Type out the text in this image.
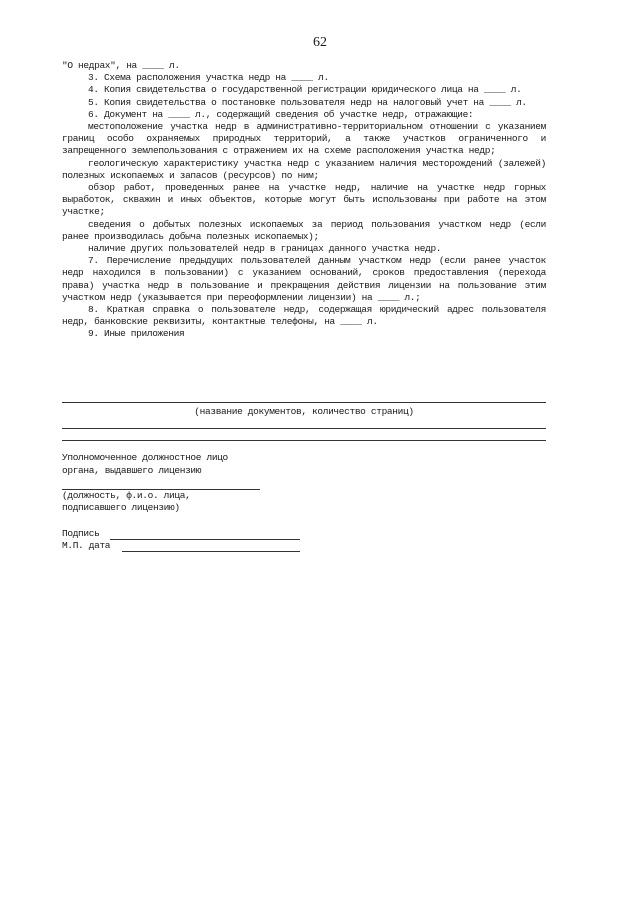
62

"О недрах", на ____ л.

3. Схема расположения участка недр на ____ л.

4. Копия свидетельства о государственной регистрации юридического лица на ____ л.

5. Копия свидетельства о постановке пользователя недр на налоговый учет на ____ л.

6. Документ на ____ л., содержащий сведения об участке недр, отражающие:

местоположение участка недр в административно-территориальном отношении с указанием границ особо охраняемых природных территорий, а также участков ограниченного и запрещенного землепользования с отражением их на схеме расположения участка недр;

геологическую характеристику участка недр с указанием наличия месторождений (залежей) полезных ископаемых и запасов (ресурсов) по ним;

обзор работ, проведенных ранее на участке недр, наличие на участке недр горных выработок, скважин и иных объектов, которые могут быть использованы при работе на этом участке;

сведения о добытых полезных ископаемых за период пользования участком недр (если ранее производилась добыча полезных ископаемых);

наличие других пользователей недр в границах данного участка недр.

7. Перечисление предыдущих пользователей данным участком недр (если ранее участок недр находился в пользовании) с указанием оснований, сроков предоставления (перехода права) участка недр в пользование и прекращения действия лицензии на пользование этим участком недр (указывается при переоформлении лицензии) на ____ л.;

8. Краткая справка о пользователе недр, содержащая юридический адрес пользователя недр, банковские реквизиты, контактные телефоны, на ____ л.

9. Иные приложения

(название документов, количество страниц)
Уполномоченное должностное лицо
органа, выдавшего лицензию
(должность, ф.и.о. лица,
подписавшего лицензию)
Подпись
М.П. дата
